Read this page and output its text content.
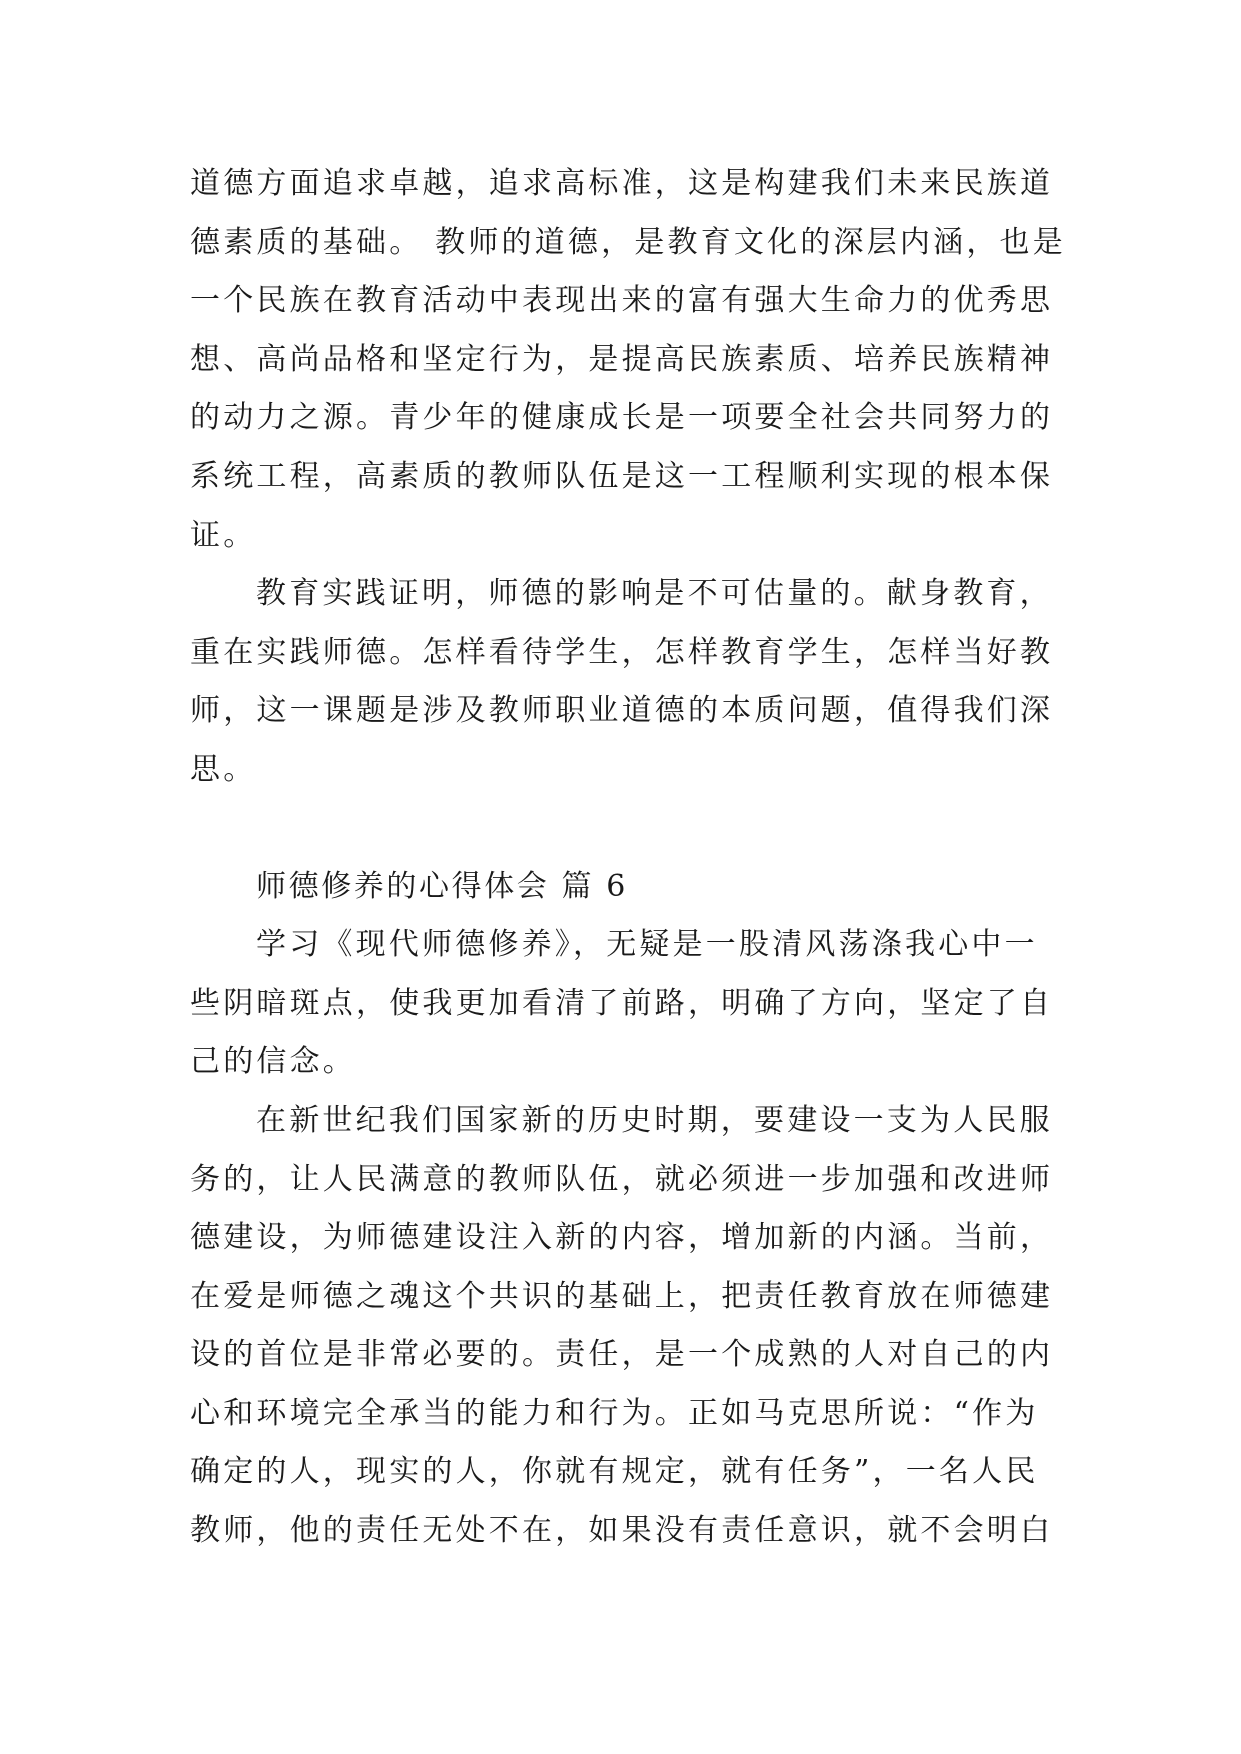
道德方面追求卓越，追求高标准，这是构建我们未来民族道德素质的基础。 教师的道德，是教育文化的深层内涵，也是一个民族在教育活动中表现出来的富有强大生命力的优秀思想、高尚品格和坚定行为，是提高民族素质、培养民族精神的动力之源。青少年的健康成长是一项要全社会共同努力的系统工程，高素质的教师队伍是这一工程顺利实现的根本保证。

教育实践证明，师德的影响是不可估量的。献身教育，重在实践师德。怎样看待学生，怎样教育学生，怎样当好教师，这一课题是涉及教师职业道德的本质问题，值得我们深思。

师德修养的心得体会 篇 6

学习《现代师德修养》，无疑是一股清风荡涤我心中一些阴暗斑点，使我更加看清了前路，明确了方向，坚定了自己的信念。

在新世纪我们国家新的历史时期，要建设一支为人民服务的，让人民满意的教师队伍，就必须进一步加强和改进师德建设，为师德建设注入新的内容，增加新的内涵。当前，在爱是师德之魂这个共识的基础上，把责任教育放在师德建设的首位是非常必要的。责任，是一个成熟的人对自己的内心和环境完全承当的能力和行为。正如马克思所说：“作为确定的人，现实的人，你就有规定，就有任务”，一名人民教师，他的责任无处不在，如果没有责任意识，就不会明白
